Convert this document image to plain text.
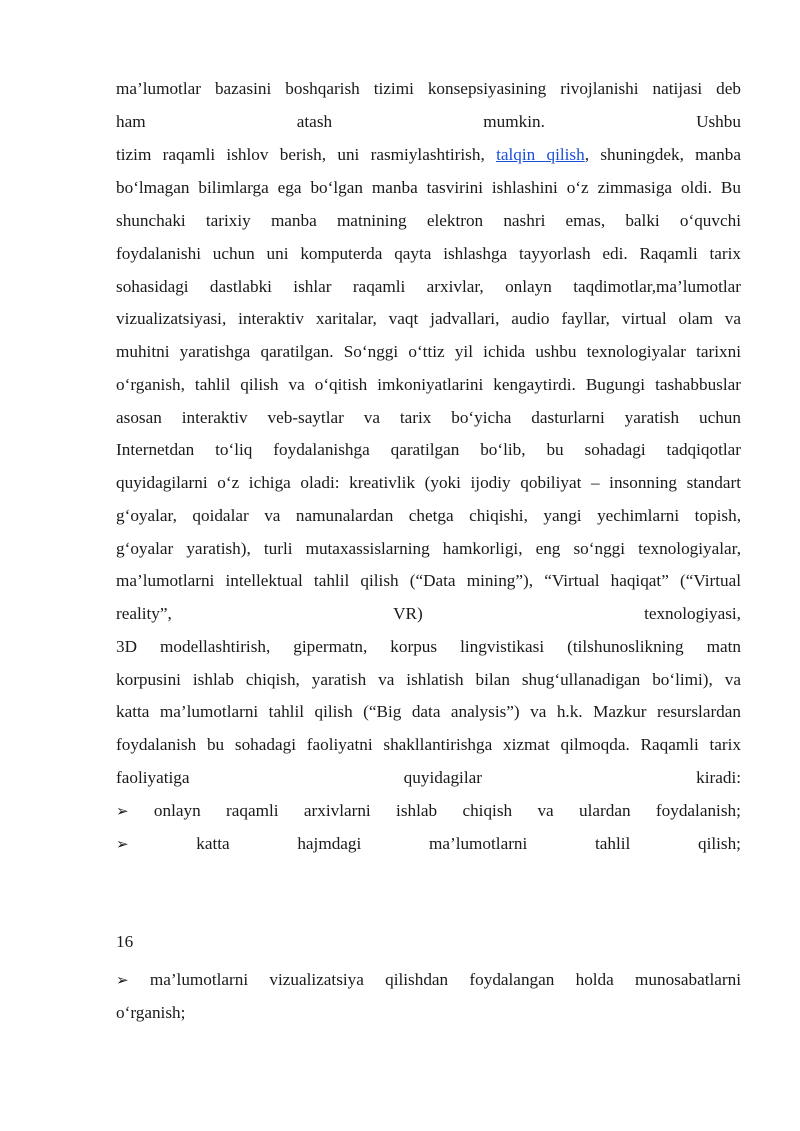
ma’lumotlar bazasini boshqarish tizimi konsepsiyasining rivojlanishi natijasi deb
ham	atash	mumkin.	Ushbu
tizim raqamli ishlov berish, uni rasmiylashtirish, talqin qilish, shuningdek, manba
bo‘lmagan bilimlarga ega bo‘lgan manba tasvirini ishlashini o‘z zimmasiga oldi. Bu
shunchaki tarixiy manba matnining elektron nashri emas, balki o‘quvchi
foydalanishi uchun uni komputerda qayta ishlashga tayyorlash edi. Raqamli tarix
sohasidagi dastlabki ishlar raqamli arxivlar, onlayn taqdimotlar,ma’lumotlar
vizualizatsiyasi, interaktiv xaritalar, vaqt jadvallari, audio fayllar, virtual olam va
muhitni yaratishga qaratilgan. So‘nggi o‘ttiz yil ichida ushbu texnologiyalar tarixni
o‘rganish, tahlil qilish va o‘qitish imkoniyatlarini kengaytirdi. Bugungi tashabbuslar
asosan interaktiv veb-saytlar va tarix bo‘yicha dasturlarni yaratish uchun
Internetdan to‘liq foydalanishga qaratilgan bo‘lib, bu sohadagi tadqiqotlar
quyidagilarni o‘z ichiga oladi: kreativlik (yoki ijodiy qobiliyat – insonning standart
g‘oyalar, qoidalar va namunalardan chetga chiqishi, yangi yechimlarni topish,
g‘oyalar yaratish), turli mutaxassislarning hamkorligi, eng so‘nggi texnologiyalar,
ma’lumotlarni intellektual tahlil qilish (“Data mining”), “Virtual haqiqat” (“Virtual
reality”,	VR)	texnologiyasi,
3D modellashtirish, gipermatn, korpus lingvistikasi (tilshunoslikning matn
korpusini ishlab chiqish, yaratish va ishlatish bilan shug‘ullanadigan bo‘limi), va
katta ma’lumotlarni tahlil qilish (“Big data analysis”) va h.k. Mazkur resurslardan
foydalanish bu sohadagi faoliyatni shakllantirishga xizmat qilmoqda. Raqamli tarix
faoliyatiga	quyidagilar	kiradi:
➢ onlayn raqamli arxivlarni ishlab chiqish va ulardan foydalanish;
➢	katta	hajmdagi	ma’lumotlarni	tahlil	qilish;
16
➢ ma’lumotlarni vizualizatsiya qilishdan foydalangan holda munosabatlarni
o‘rganish;
